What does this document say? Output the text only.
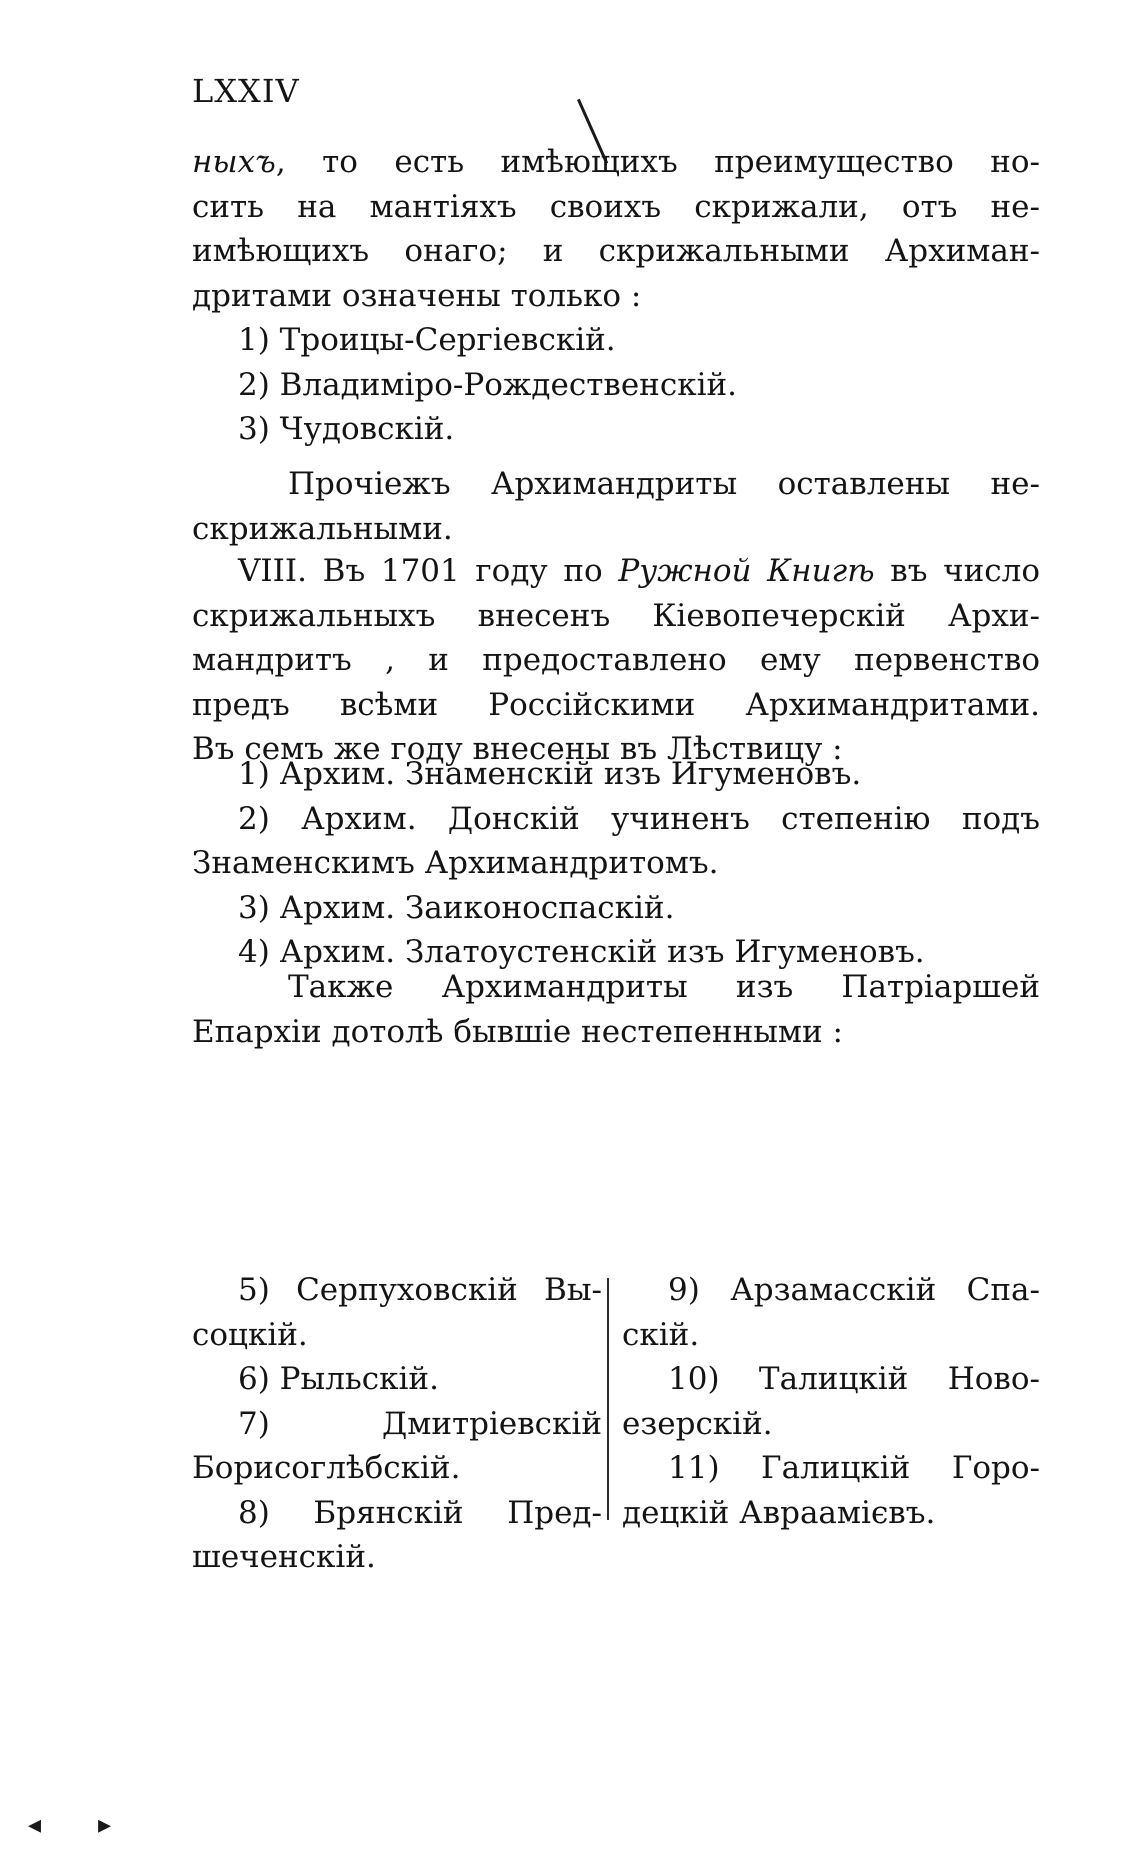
LXXIV
ныхъ, то есть имѣющихъ преимущество но-
сить на мантіяхъ своихъ скрижали, отъ не-
имѣющихъ онаго; и скрижальными Архиман-
дритами означены только :
1) Троицы-Сергіевскій.
2) Владиміро-Рождественскій.
3) Чудовскій.
Прочіежъ Архимандриты оставлены не-
скрижальными.
VIII. Въ 1701 году по Ружной Книгѣ въ число
скрижальныхъ внесенъ Кіевопечерскій Архи-
мандритъ , и предоставлено ему первенство
предъ всѣми Россійскими Архимандритами.
Въ семъ же году внесены въ Лѣствицу :
1) Архим. Знаменскій изъ Игуменовъ.
2) Архим. Донскій учиненъ степенію подъ
Знаменскимъ Архимандритомъ.
3) Архим. Заиконоспаскій.
4) Архим. Златоустенскій изъ Игуменовъ.
Также Архимандриты изъ Патріаршей
Епархіи дотолѣ бывшіе нестепенными :
5) Серпуховскій Вы-
соцкій.
6) Рыльскій.
7) Дмитріевскій
Борисоглѣбскій.
8) Брянскій Пред-
шеченскій.
9) Арзамасскій Спа-
скій.
10) Талицкій Ново-
езерскій.
11) Галицкій Горо-
децкій Авраамієвъ.
◂ ▸
